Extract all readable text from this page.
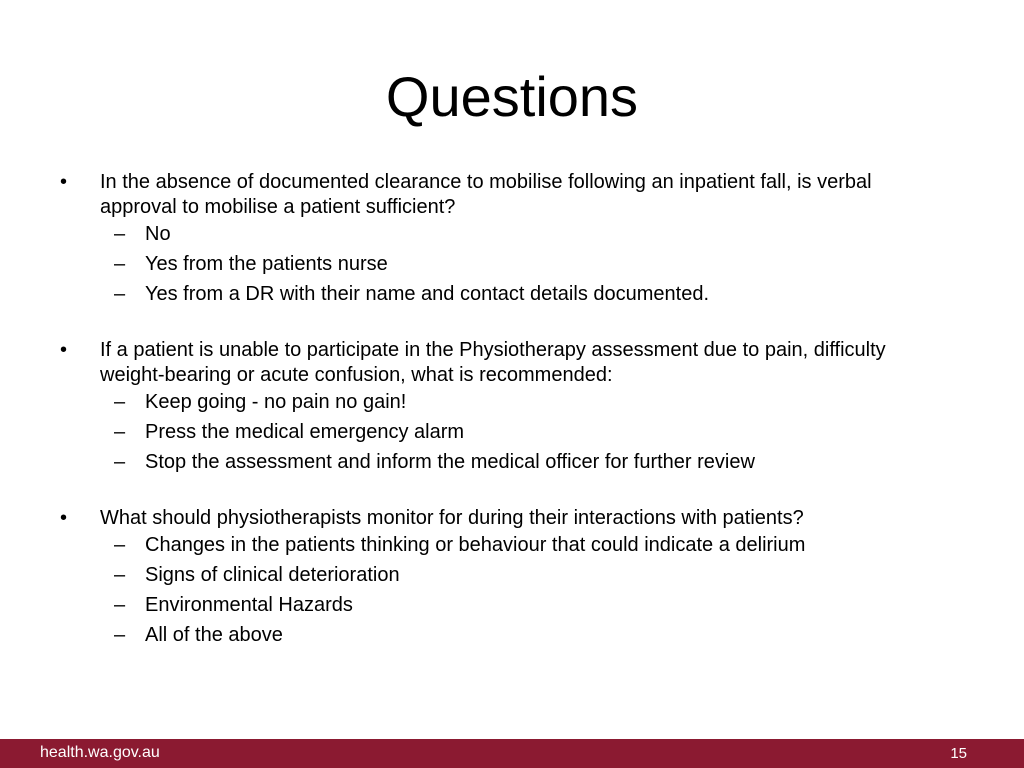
Questions
• In the absence of documented clearance to mobilise following an inpatient fall, is verbal approval to mobilise a patient sufficient?
– No
– Yes from the patients nurse
– Yes from a DR with their name and contact details documented.
• If a patient is unable to participate in the Physiotherapy assessment due to pain, difficulty weight-bearing or acute confusion, what is recommended:
– Keep going - no pain no gain!
– Press the medical emergency alarm
– Stop the assessment and inform the medical officer for further review
• What should physiotherapists monitor for during their interactions with patients?
– Changes in the patients thinking or behaviour that could indicate a delirium
– Signs of clinical deterioration
– Environmental Hazards
– All of the above
health.wa.gov.au	15
